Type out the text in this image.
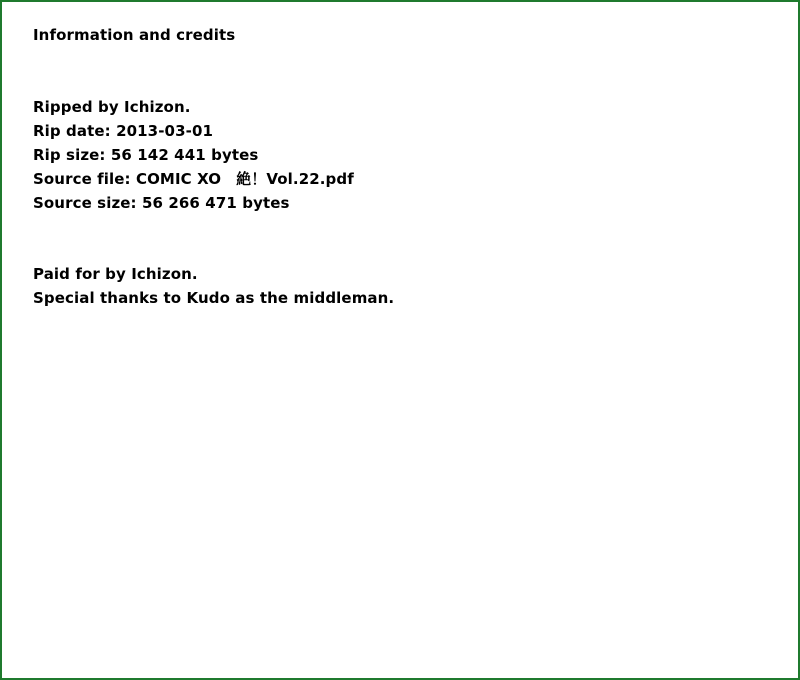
Information and credits
Ripped by Ichizon.
Rip date: 2013-03-01
Rip size: 56 142 441 bytes
Source file: COMIC XO　絶！Vol.22.pdf
Source size: 56 266 471 bytes
Paid for by Ichizon.
Special thanks to Kudo as the middleman.
